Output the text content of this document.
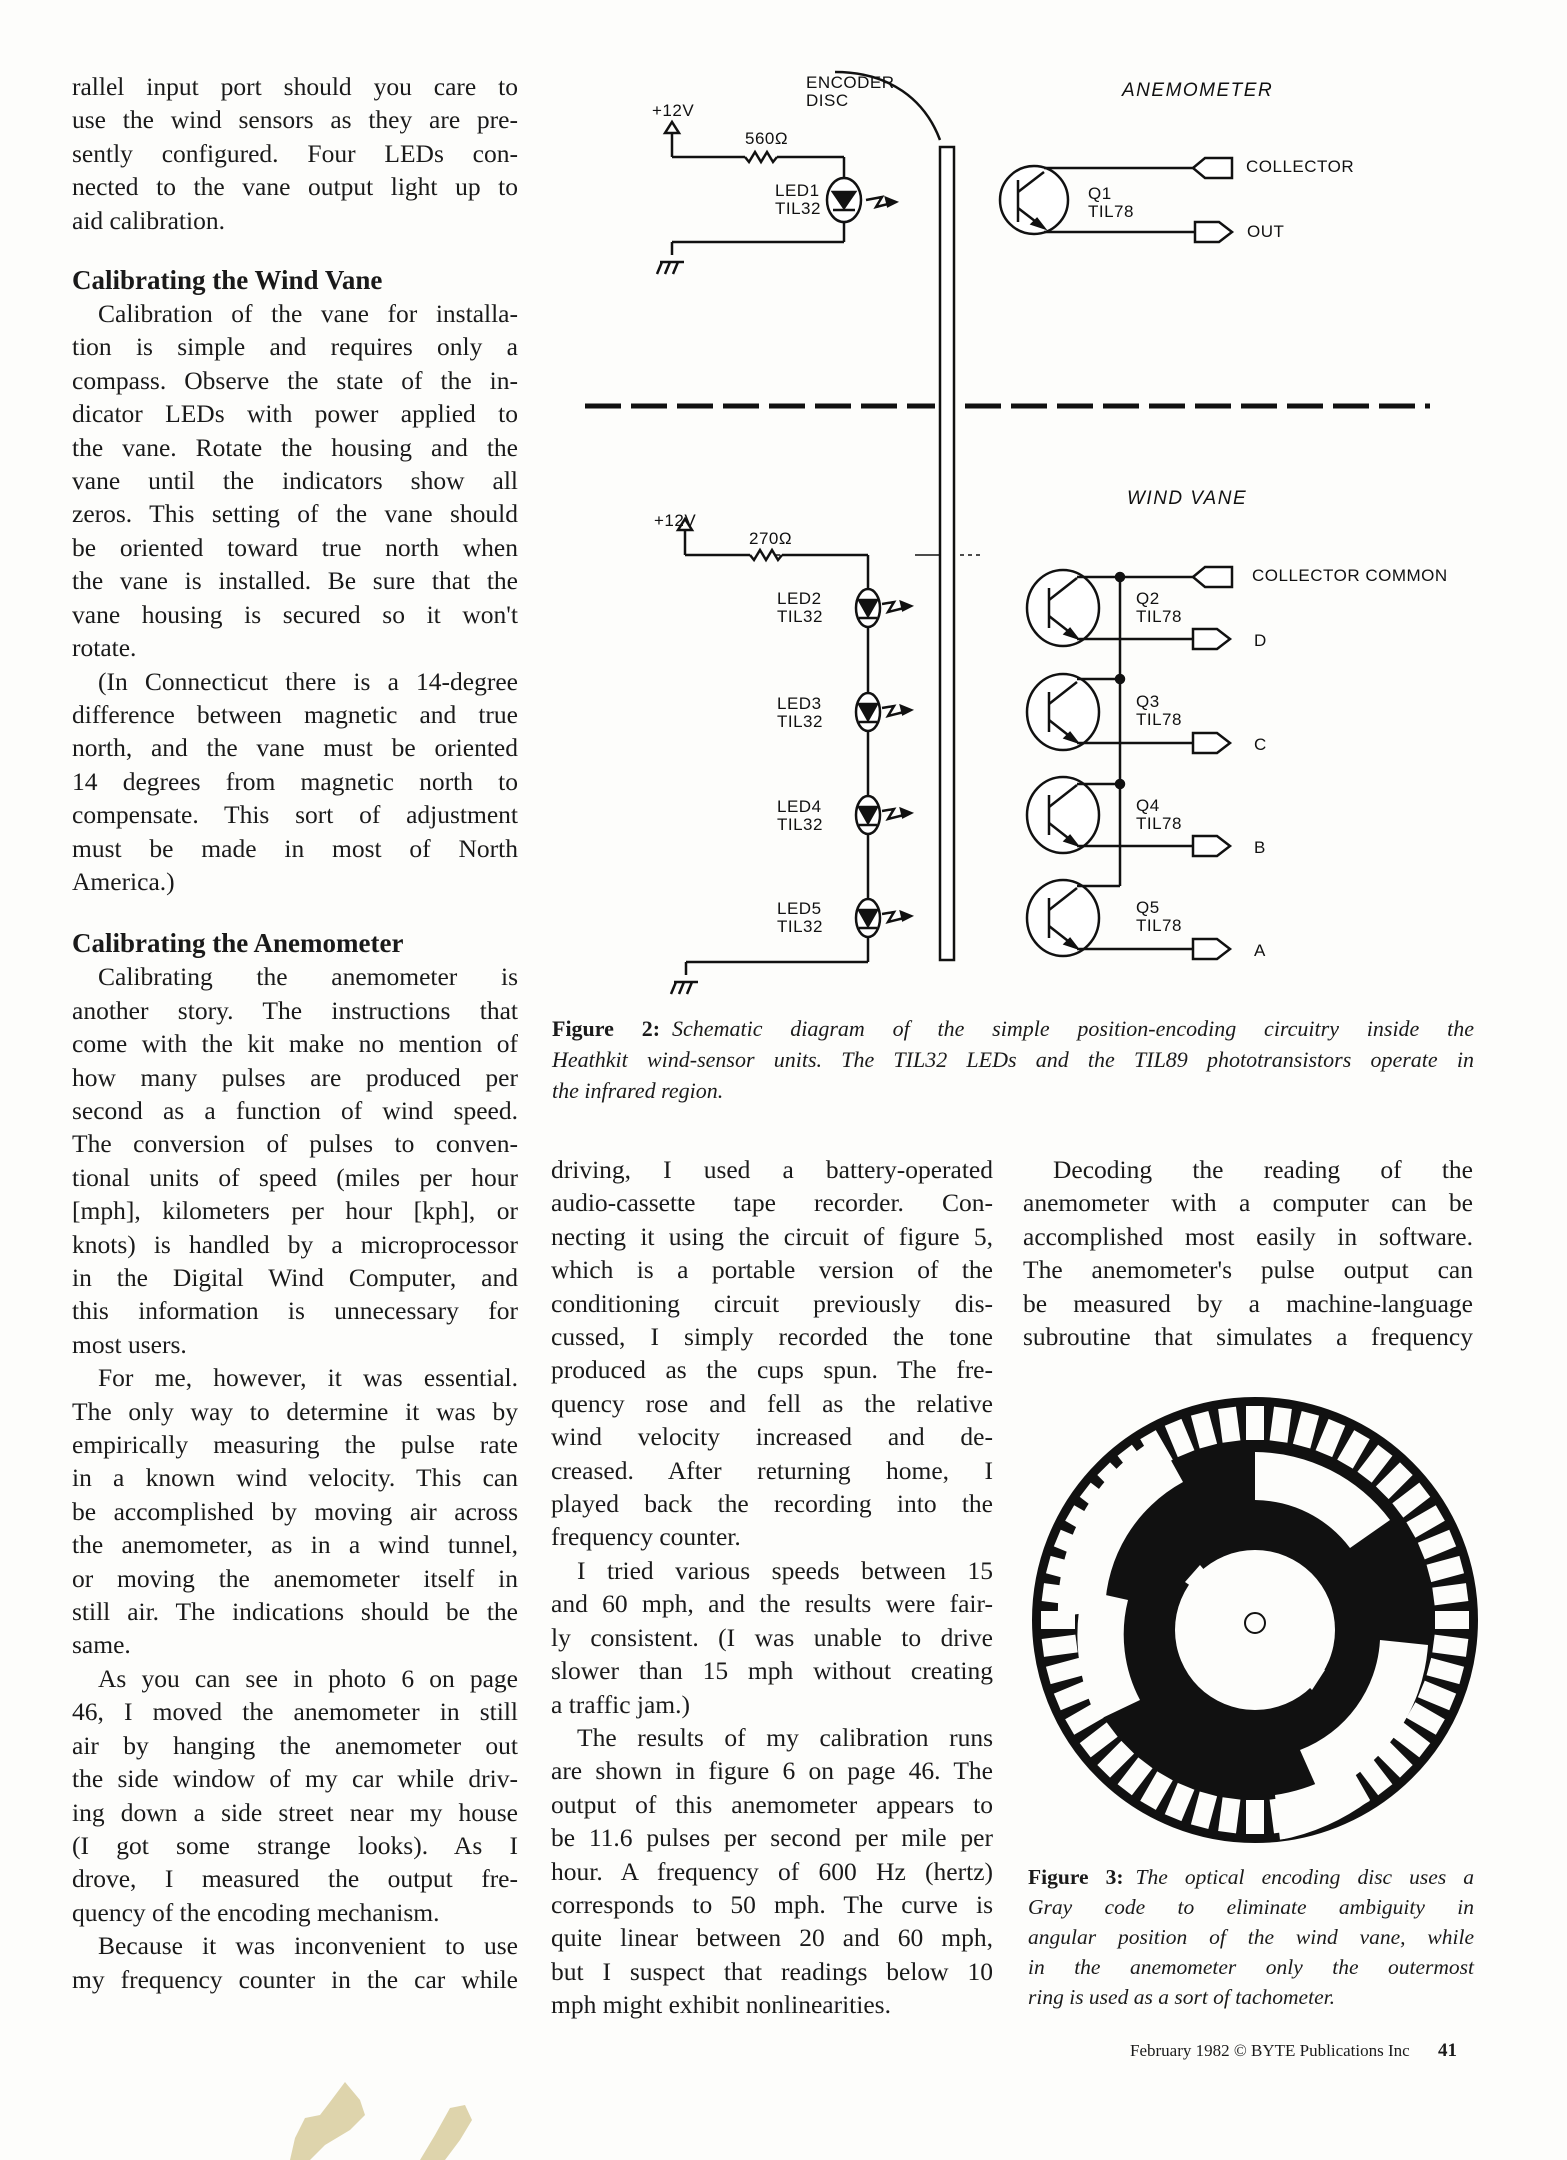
rallel input port should you care to
use the wind sensors as they are pre-
sently configured. Four LEDs con-
nected to the vane output light up to
aid calibration.

Calibrating the Wind Vane

Calibration of the vane for installa-
tion is simple and requires only a
compass. Observe the state of the in-
dicator LEDs with power applied to
the vane. Rotate the housing and the
vane until the indicators show all
zeros. This setting of the vane should
be oriented toward true north when
the vane is installed. Be sure that the
vane housing is secured so it won't
rotate.

(In Connecticut there is a 14-degree
difference between magnetic and true
north, and the vane must be oriented
14 degrees from magnetic north to
compensate. This sort of adjustment
must be made in most of North
America.)

Calibrating the Anemometer

Calibrating the anemometer is
another story. The instructions that
come with the kit make no mention of
how many pulses are produced per
second as a function of wind speed.
The conversion of pulses to conven-
tional units of speed (miles per hour
[mph], kilometers per hour [kph], or
knots) is handled by a microprocessor
in the Digital Wind Computer, and
this information is unnecessary for
most users.

For me, however, it was essential.
The only way to determine it was by
empirically measuring the pulse rate
in a known wind velocity. This can
be accomplished by moving air across
the anemometer, as in a wind tunnel,
or moving the anemometer itself in
still air. The indications should be the
same.

As you can see in photo 6 on page
46, I moved the anemometer in still
air by hanging the anemometer out
the side window of my car while driv-
ing down a side street near my house
(I got some strange looks). As I
drove, I measured the output fre-
quency of the encoding mechanism.

Because it was inconvenient to use
my frequency counter in the car while

ENCODER
DISC	ANEMOMETER
WIND VANE
+12V
560Ω
LED1
TIL32
Q1
TIL78
COLLECTOR
OUT
+12V
270Ω
COLLECTOR COMMON
LED2
TIL32
LED3
TIL32
LED4
TIL32
LED5
TIL32
Q2
TIL78
Q3
TIL78
Q4
TIL78
Q5
TIL78
D
C
B
A
Figure 2: Schematic diagram of the simple position-encoding circuitry inside the
Heathkit wind-sensor units. The TIL32 LEDs and the TIL89 phototransistors operate in
the infrared region.

driving, I used a battery-operated
audio-cassette tape recorder. Con-
necting it using the circuit of figure 5,
which is a portable version of the
conditioning circuit previously dis-
cussed, I simply recorded the tone
produced as the cups spun. The fre-
quency rose and fell as the relative
wind velocity increased and de-
creased. After returning home, I
played back the recording into the
frequency counter.

I tried various speeds between 15
and 60 mph, and the results were fair-
ly consistent. (I was unable to drive
slower than 15 mph without creating
a traffic jam.)

The results of my calibration runs
are shown in figure 6 on page 46. The
output of this anemometer appears to
be 11.6 pulses per second per mile per
hour. A frequency of 600 Hz (hertz)
corresponds to 50 mph. The curve is
quite linear between 20 and 60 mph,
but I suspect that readings below 10
mph might exhibit nonlinearities.

Decoding the reading of the
anemometer with a computer can be
accomplished most easily in software.
The anemometer's pulse output can
be measured by a machine-language
subroutine that simulates a frequency

Figure 3: The optical encoding disc uses a
Gray code to eliminate ambiguity in
angular position of the wind vane, while
in the anemometer only the outermost
ring is used as a sort of tachometer.
February 1982 © BYTE Publications Inc 41
